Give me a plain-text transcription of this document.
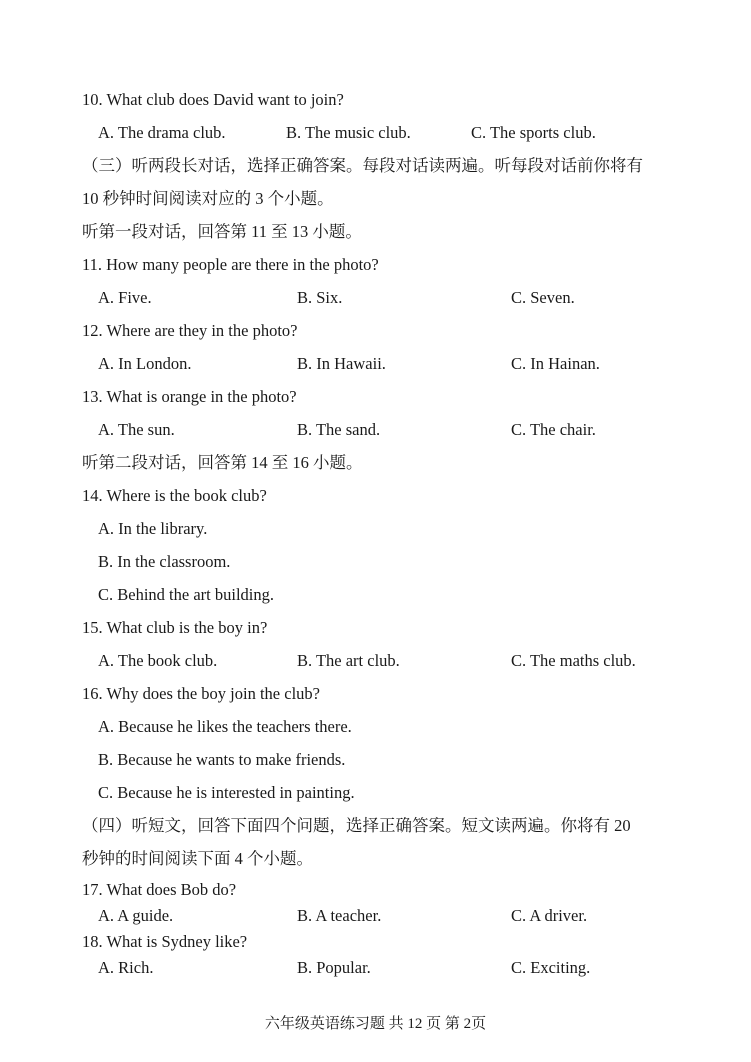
10. What club does David want to join?
A. The drama club.	B. The music club.	C. The sports club.
（三）听两段长对话，选择正确答案。每段对话读两遍。听每段对话前你将有
10 秒钟时间阅读对应的 3 个小题。
听第一段对话，回答第 11 至 13 小题。
11. How many people are there in the photo?
A. Five.	B. Six.	C. Seven.
12. Where are they in the photo?
A. In London.	B. In Hawaii.	C. In Hainan.
13. What is orange in the photo?
A. The sun.	B. The sand.	C. The chair.
听第二段对话，回答第 14 至 16 小题。
14. Where is the book club?
A. In the library.
B. In the classroom.
C. Behind the art building.
15. What club is the boy in?
A. The book club.	B. The art club.	C. The maths club.
16. Why does the boy join the club?
A. Because he likes the teachers there.
B. Because he wants to make friends.
C. Because he is interested in painting.
（四）听短文，回答下面四个问题，选择正确答案。短文读两遍。你将有 20
秒钟的时间阅读下面 4 个小题。
17. What does Bob do?
A. A guide.	B. A teacher.	C. A driver.
18. What is Sydney like?
A. Rich.	B. Popular.	C. Exciting.
六年级英语练习题 共 12 页 第 2页
